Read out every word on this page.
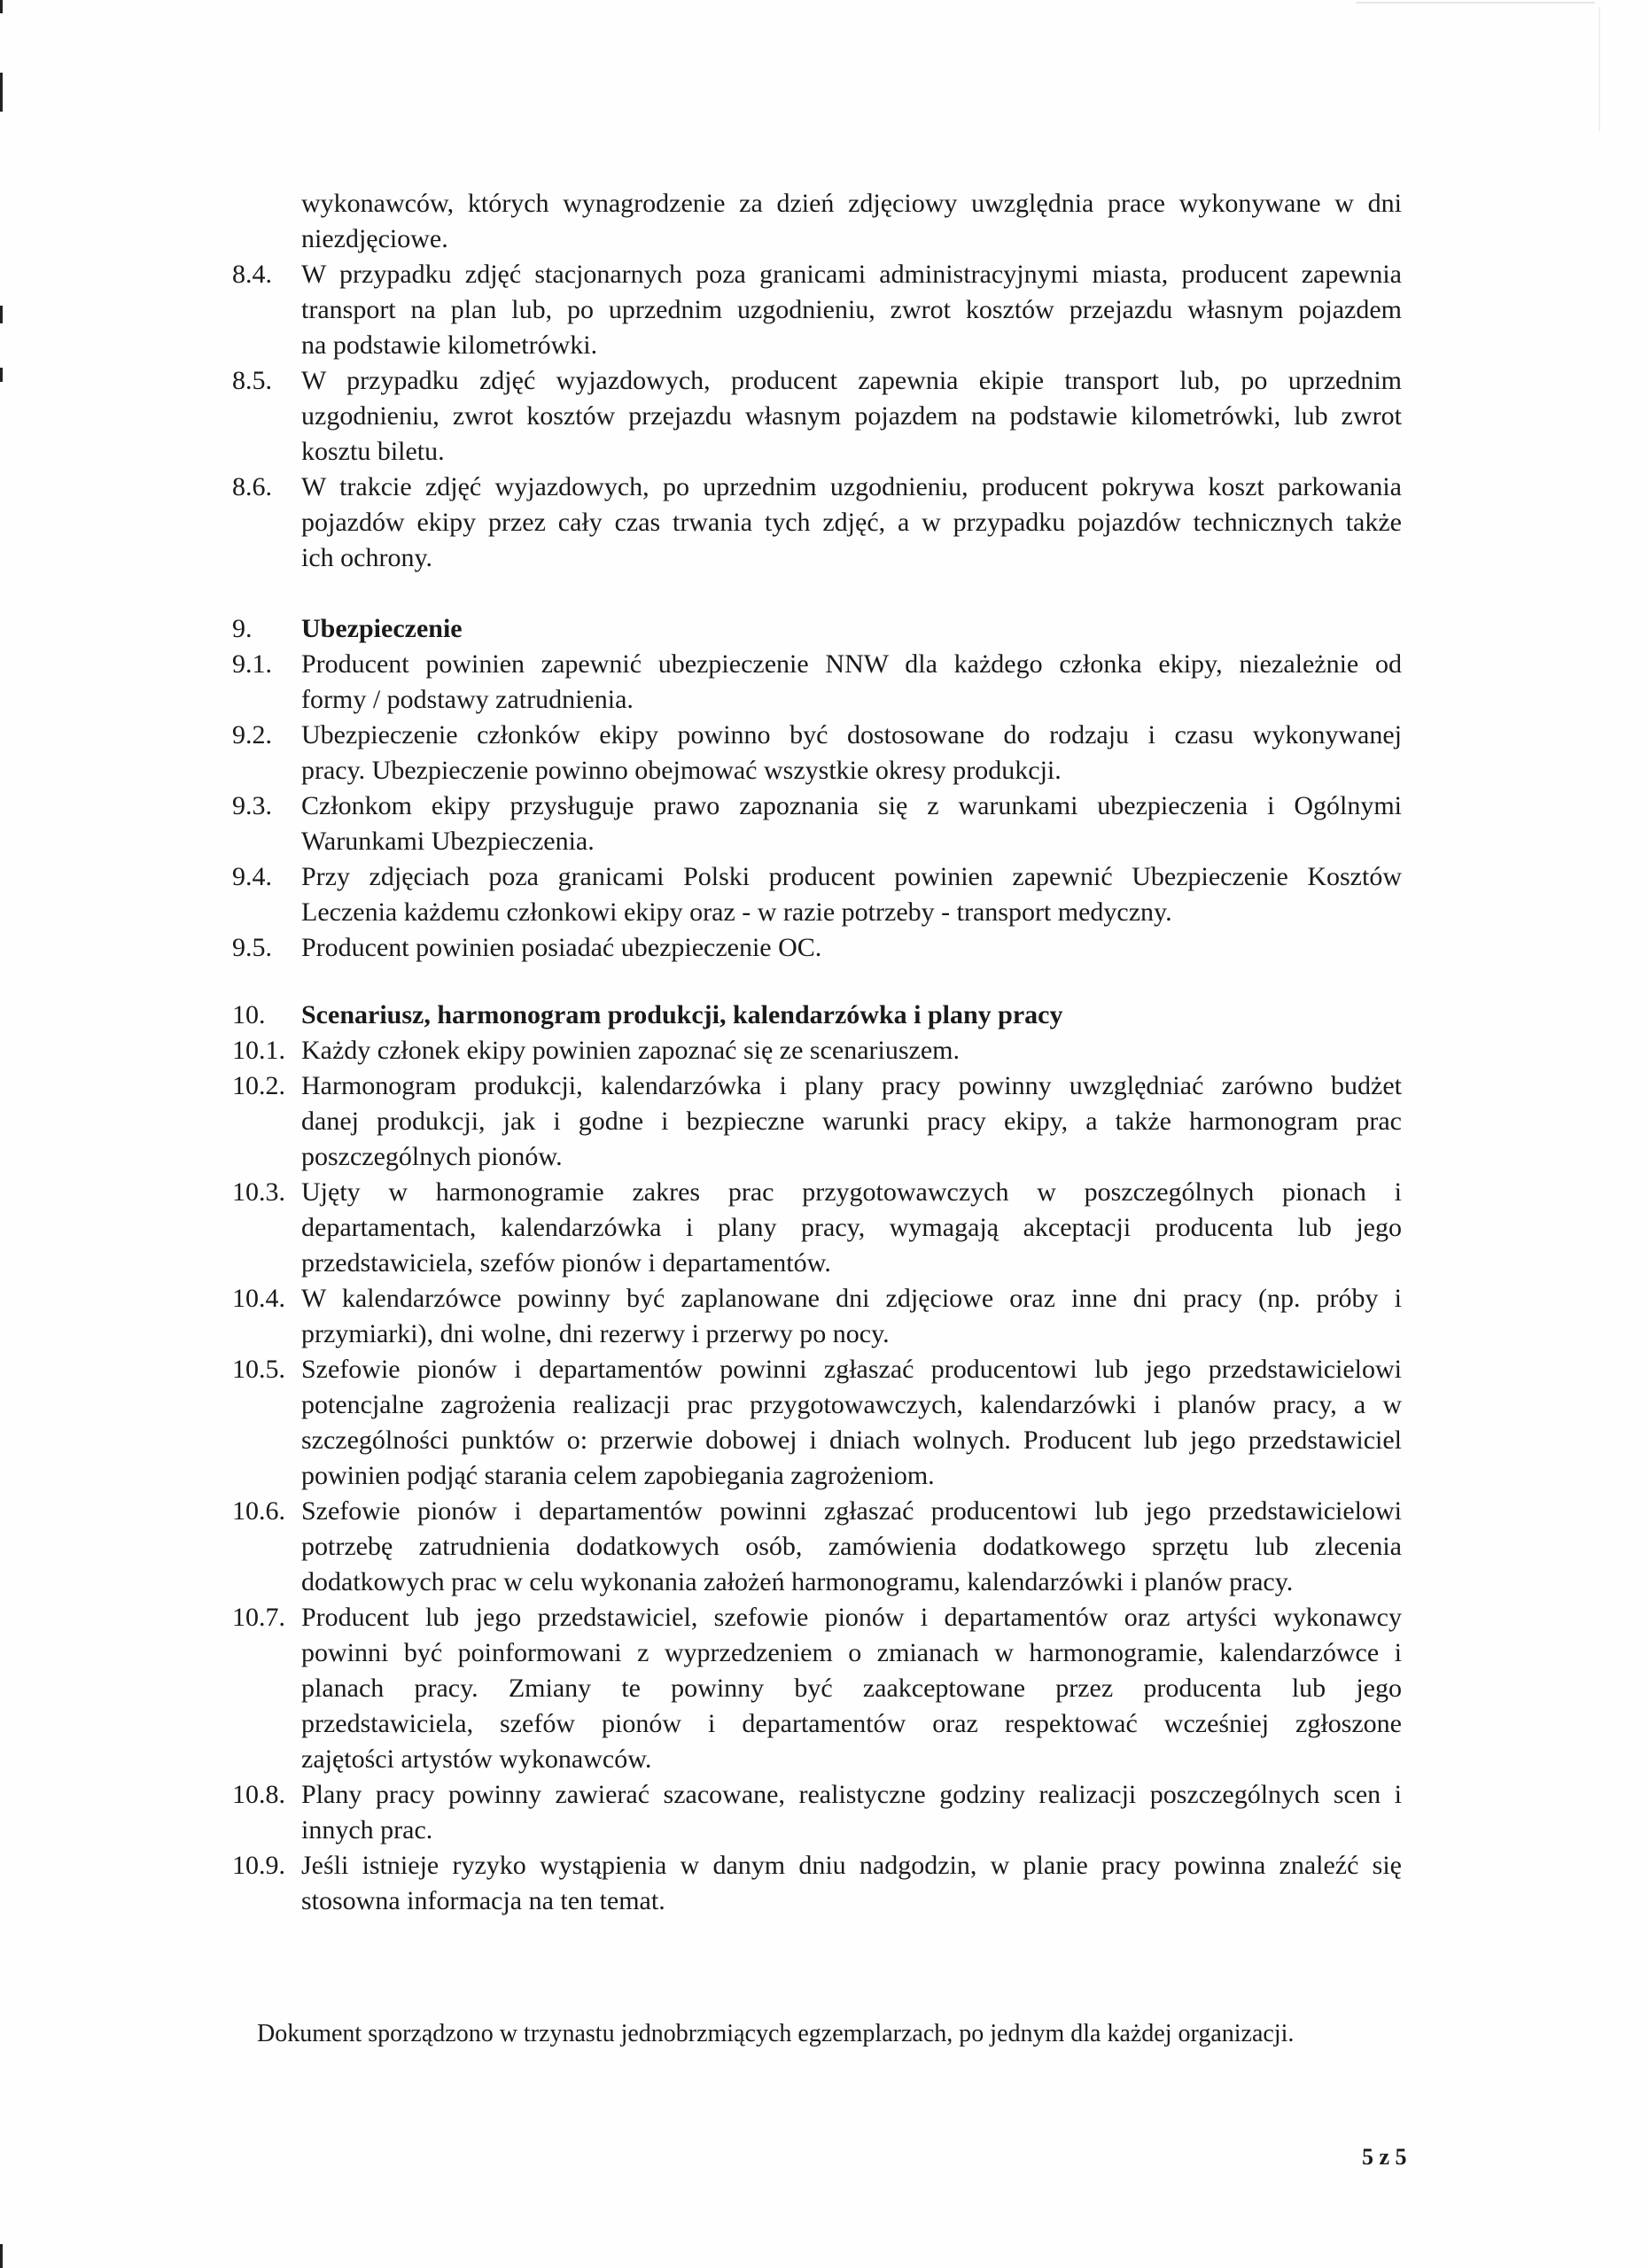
wykonawców, których wynagrodzenie za dzień zdjęciowy uwzględnia prace wykonywane w dni
niezdjęciowe.
8.4. W przypadku zdjęć stacjonarnych poza granicami administracyjnymi miasta, producent zapewnia
transport na plan lub, po uprzednim uzgodnieniu, zwrot kosztów przejazdu własnym pojazdem
na podstawie kilometrówki.
8.5. W przypadku zdjęć wyjazdowych, producent zapewnia ekipie transport lub, po uprzednim
uzgodnieniu, zwrot kosztów przejazdu własnym pojazdem na podstawie kilometrówki, lub zwrot
kosztu biletu.
8.6. W trakcie zdjęć wyjazdowych, po uprzednim uzgodnieniu, producent pokrywa koszt parkowania
pojazdów ekipy przez cały czas trwania tych zdjęć, a w przypadku pojazdów technicznych także
ich ochrony.
9. Ubezpieczenie
9.1. Producent powinien zapewnić ubezpieczenie NNW dla każdego członka ekipy, niezależnie od
formy / podstawy zatrudnienia.
9.2. Ubezpieczenie członków ekipy powinno być dostosowane do rodzaju i czasu wykonywanej
pracy. Ubezpieczenie powinno obejmować wszystkie okresy produkcji.
9.3. Członkom ekipy przysługuje prawo zapoznania się z warunkami ubezpieczenia i Ogólnymi
Warunkami Ubezpieczenia.
9.4. Przy zdjęciach poza granicami Polski producent powinien zapewnić Ubezpieczenie Kosztów
Leczenia każdemu członkowi ekipy oraz - w razie potrzeby - transport medyczny.
9.5. Producent powinien posiadać ubezpieczenie OC.
10. Scenariusz, harmonogram produkcji, kalendarzówka i plany pracy
10.1. Każdy członek ekipy powinien zapoznać się ze scenariuszem.
10.2. Harmonogram produkcji, kalendarzówka i plany pracy powinny uwzględniać zarówno budżet
danej produkcji, jak i godne i bezpieczne warunki pracy ekipy, a także harmonogram prac
poszczególnych pionów.
10.3. Ujęty w harmonogramie zakres prac przygotowawczych w poszczególnych pionach i
departamentach, kalendarzówka i plany pracy, wymagają akceptacji producenta lub jego
przedstawiciela, szefów pionów i departamentów.
10.4. W kalendarzówce powinny być zaplanowane dni zdjęciowe oraz inne dni pracy (np. próby i
przymiarki), dni wolne, dni rezerwy i przerwy po nocy.
10.5. Szefowie pionów i departamentów powinni zgłaszać producentowi lub jego przedstawicielowi
potencjalne zagrożenia realizacji prac przygotowawczych, kalendarzówki i planów pracy, a w
szczególności punktów o: przerwie dobowej i dniach wolnych. Producent lub jego przedstawiciel
powinien podjąć starania celem zapobiegania zagrożeniom.
10.6. Szefowie pionów i departamentów powinni zgłaszać producentowi lub jego przedstawicielowi
potrzebę zatrudnienia dodatkowych osób, zamówienia dodatkowego sprzętu lub zlecenia
dodatkowych prac w celu wykonania założeń harmonogramu, kalendarzówki i planów pracy.
10.7. Producent lub jego przedstawiciel, szefowie pionów i departamentów oraz artyści wykonawcy
powinni być poinformowani z wyprzedzeniem o zmianach w harmonogramie, kalendarzówce i
planach pracy. Zmiany te powinny być zaakceptowane przez producenta lub jego
przedstawiciela, szefów pionów i departamentów oraz respektować wcześniej zgłoszone
zajętości artystów wykonawców.
10.8. Plany pracy powinny zawierać szacowane, realistyczne godziny realizacji poszczególnych scen i
innych prac.
10.9. Jeśli istnieje ryzyko wystąpienia w danym dniu nadgodzin, w planie pracy powinna znaleźć się
stosowna informacja na ten temat.
Dokument sporządzono w trzynastu jednobrzmiących egzemplarzach, po jednym dla każdej organizacji.
5 z 5
